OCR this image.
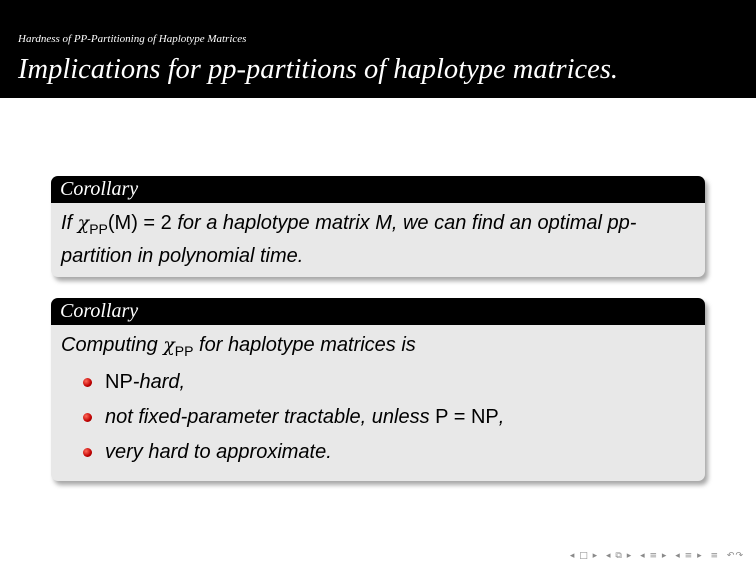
Hardness of PP-Partitioning of Haplotype Matrices
Implications for pp-partitions of haplotype matrices.
Corollary
If $\chi_{PP}(M) = 2$ for a haplotype matrix M, we can find an optimal pp-partition in polynomial time.
Corollary
Computing $\chi_{PP}$ for haplotype matrices is
NP-hard,
not fixed-parameter tractable, unless P = NP,
very hard to approximate.
◂ □ ▸ ◂ ⧉ ▸ ◂ ≡ ▸ ◂ ≡ ▸ ≡ ↶↷
